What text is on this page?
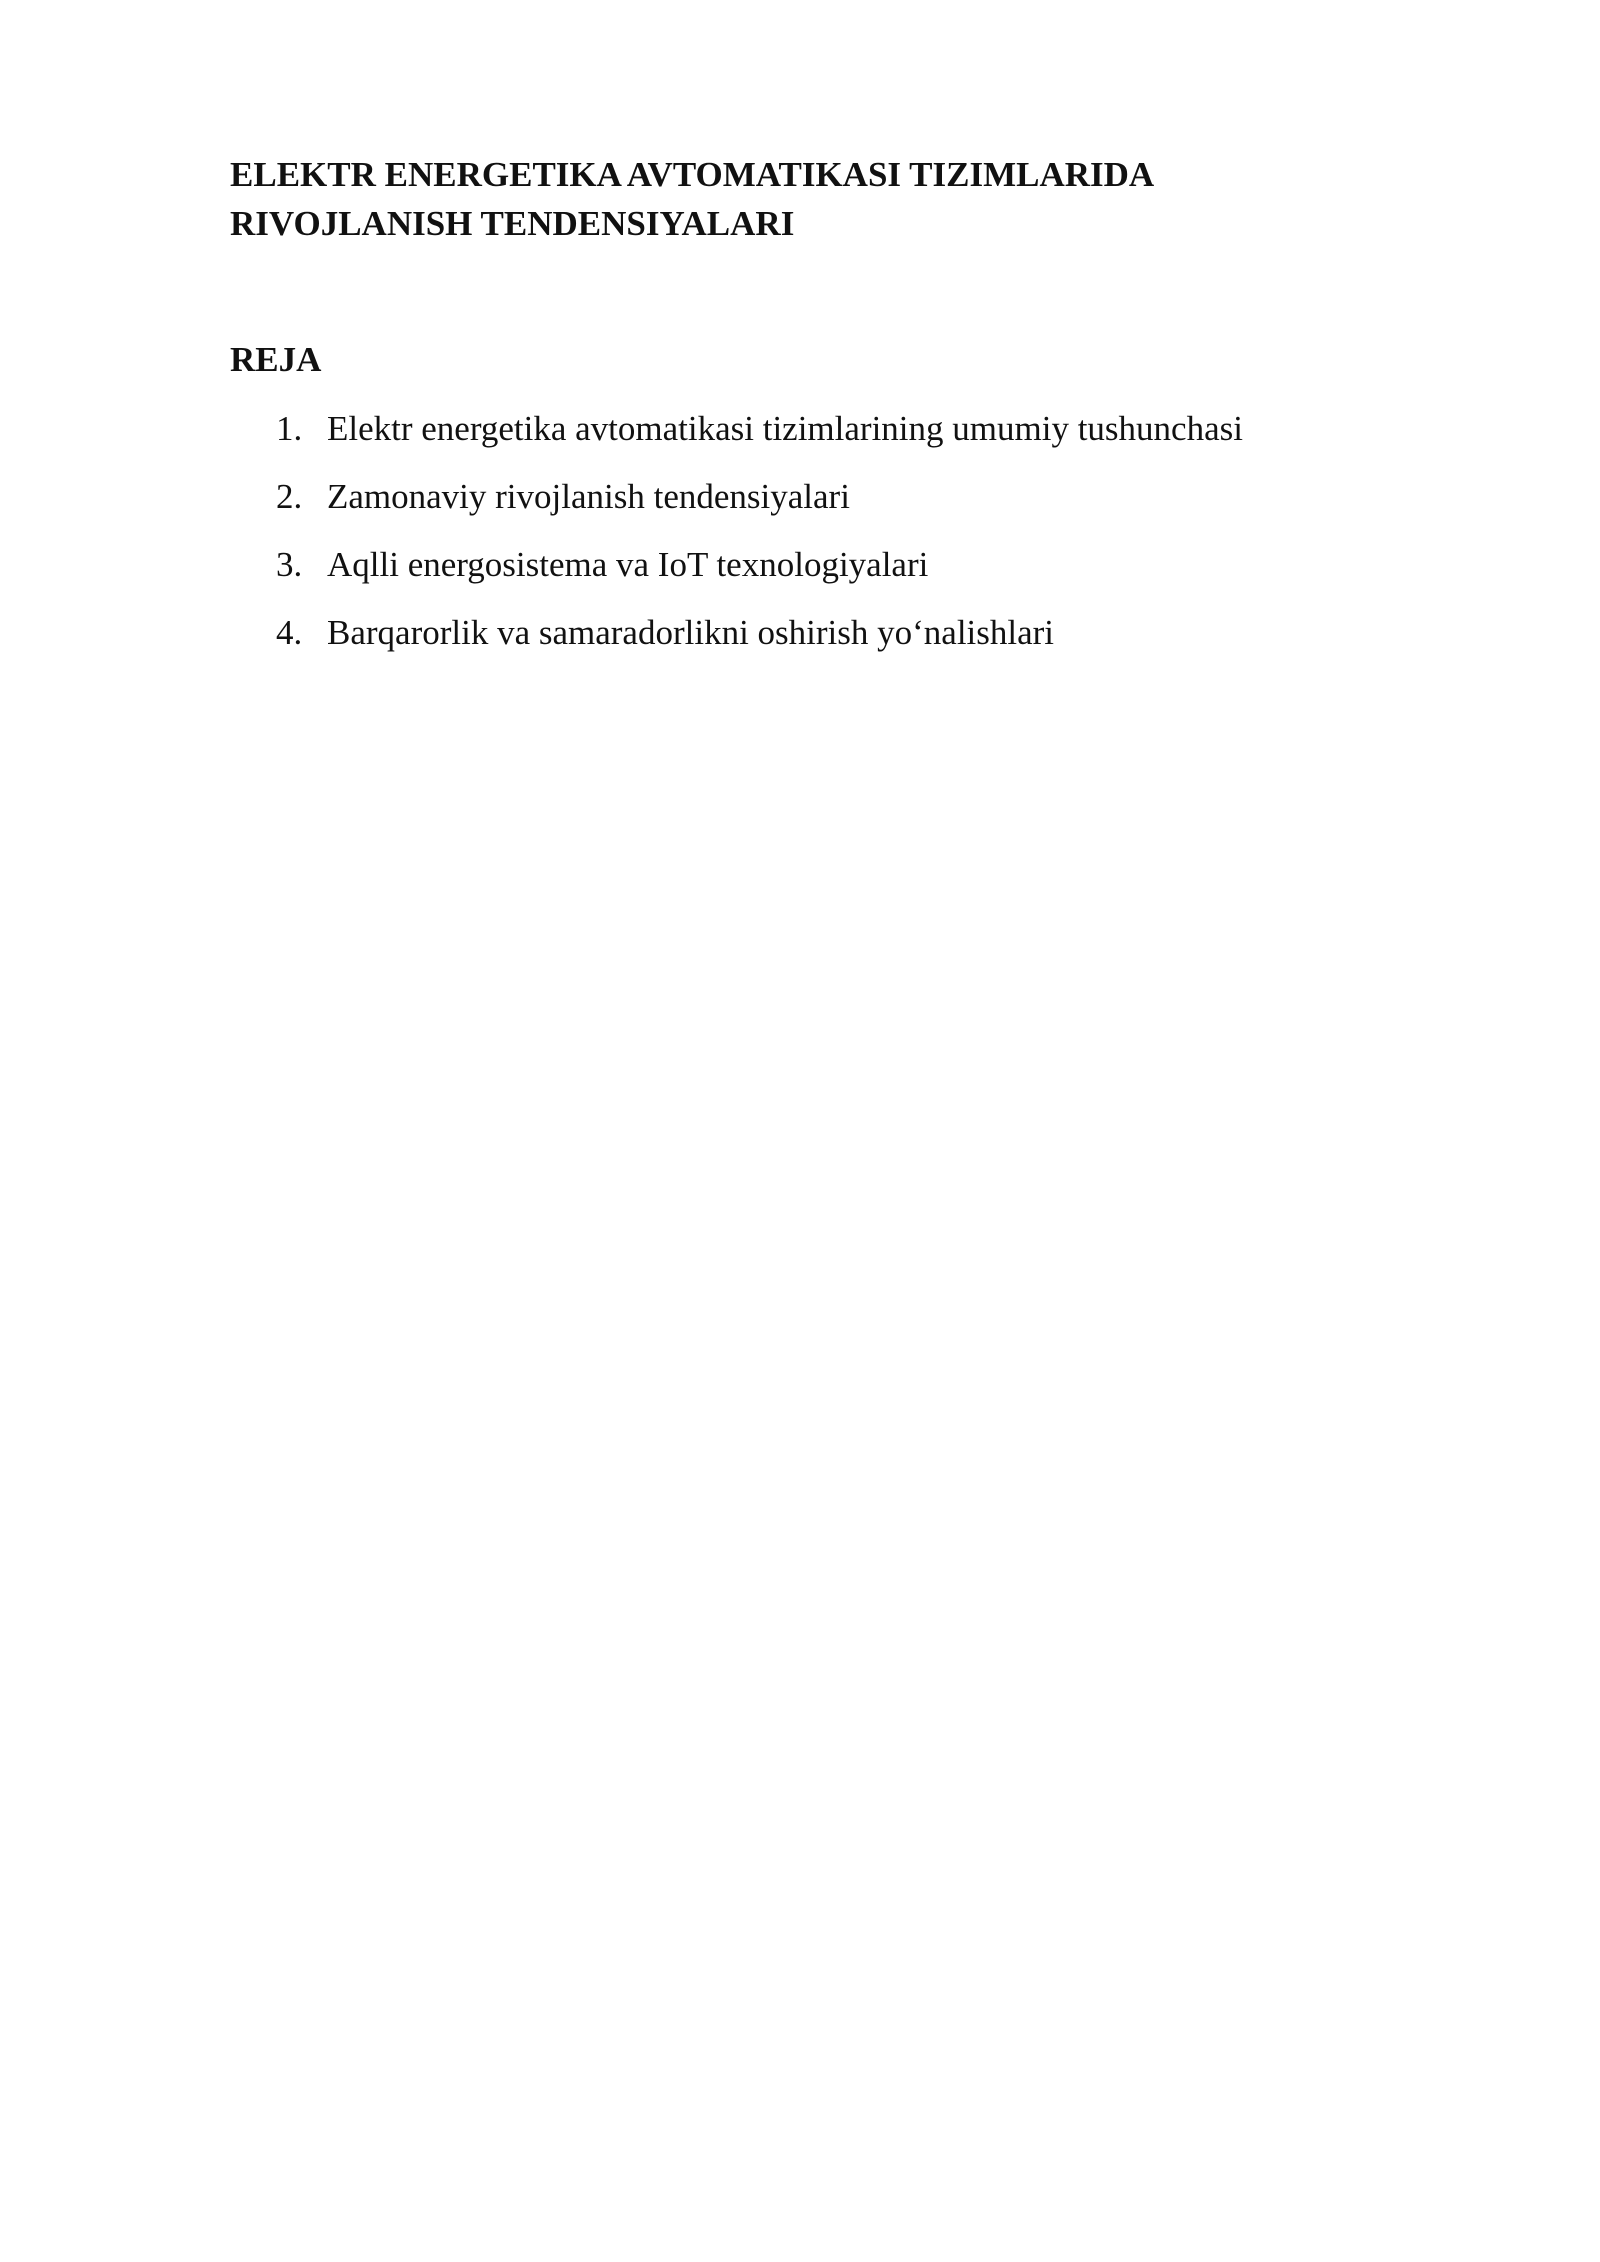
ELEKTR ENERGETIKA AVTOMATIKASI TIZIMLARIDA
RIVOJLANISH TENDENSIYALARI
REJA
1. Elektr energetika avtomatikasi tizimlarining umumiy tushunchasi
2. Zamonaviy rivojlanish tendensiyalari
3. Aqlli energosistema va IoT texnologiyalari
4. Barqarorlik va samaradorlikni oshirish yo‘nalishlari
